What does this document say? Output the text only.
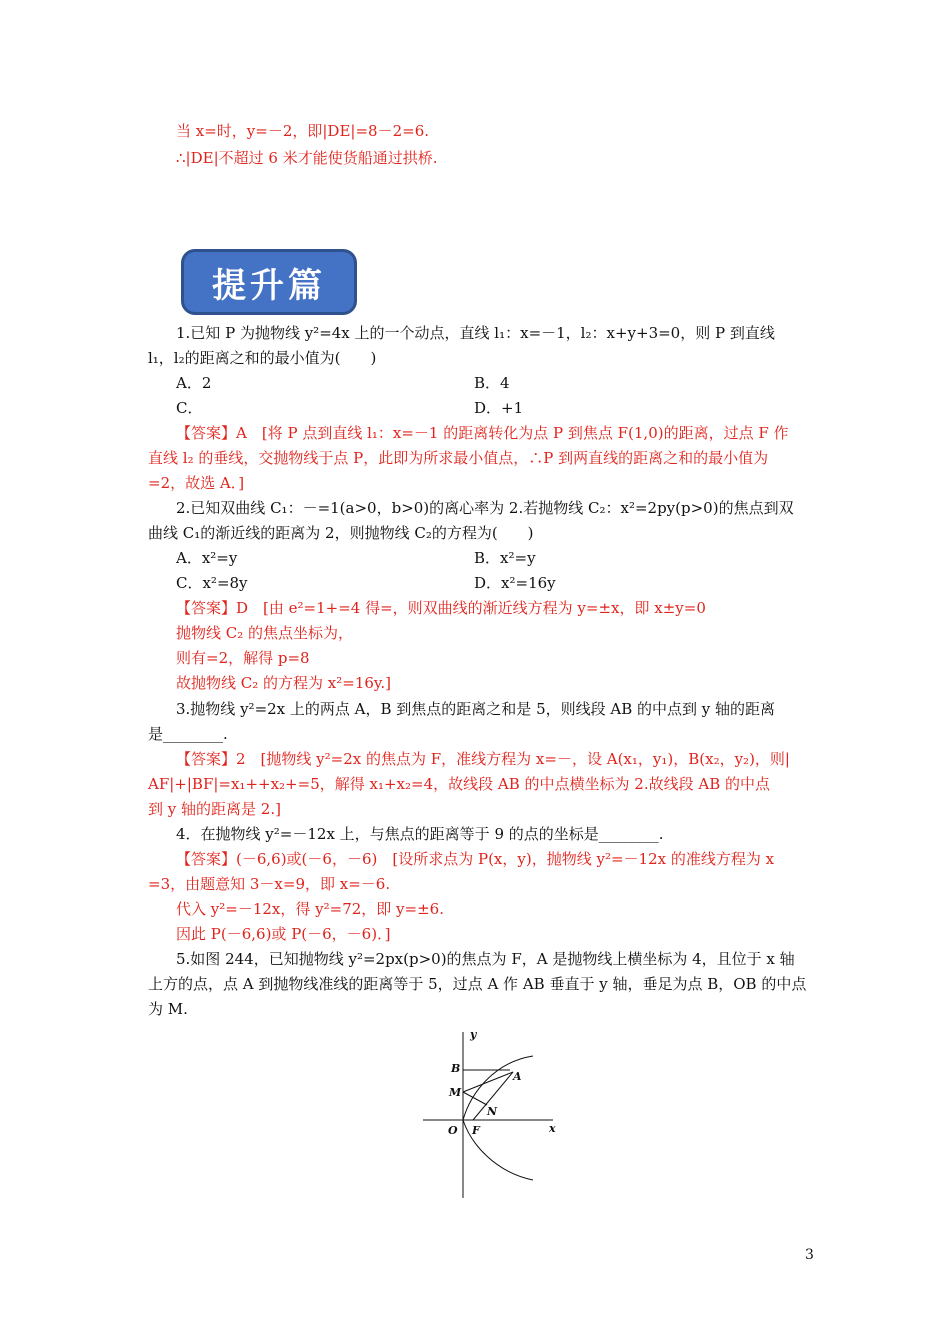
当 x=时，y=－2，即|DE|=8－2=6.
∴|DE|不超过 6 米才能使货船通过拱桥.
提升篇
1.已知 P 为抛物线 y²=4x 上的一个动点，直线 l₁：x=－1，l₂：x+y+3=0，则 P 到直线
l₁，l₂的距离之和的最小值为(　　)
A．2	B．4
C．	D．+1
【答案】A　[将 P 点到直线 l₁：x=－1 的距离转化为点 P 到焦点 F(1,0)的距离，过点 F 作
直线 l₂ 的垂线，交抛物线于点 P，此即为所求最小值点，∴P 到两直线的距离之和的最小值为
=2，故选 A．]
2.已知双曲线 C₁：－=1(a>0，b>0)的离心率为 2.若抛物线 C₂：x²=2py(p>0)的焦点到双
曲线 C₁的渐近线的距离为 2，则抛物线 C₂的方程为(　　)
A．x²=y	B．x²=y
C．x²=8y	D．x²=16y
【答案】D　[由 e²=1+=4 得=，则双曲线的渐近线方程为 y=±x，即 x±y=0
抛物线 C₂ 的焦点坐标为，
则有=2，解得 p=8
故抛物线 C₂ 的方程为 x²=16y.]
3.抛物线 y²=2x 上的两点 A，B 到焦点的距离之和是 5，则线段 AB 的中点到 y 轴的距离
是________.
【答案】2　[抛物线 y²=2x 的焦点为 F，准线方程为 x=－，设 A(x₁，y₁)，B(x₂，y₂)，则|
AF|+|BF|=x₁++x₂+=5，解得 x₁+x₂=4，故线段 AB 的中点横坐标为 2.故线段 AB 的中点
到 y 轴的距离是 2.]
4．在抛物线 y²=－12x 上，与焦点的距离等于 9 的点的坐标是________.
【答案】(－6,6)或(－6，－6)　[设所求点为 P(x，y)，抛物线 y²=－12x 的准线方程为 x
=3，由题意知 3－x=9，即 x=－6.
代入 y²=－12x，得 y²=72，即 y=±6.
因此 P(－6,6)或 P(－6，－6)．]
5.如图 244，已知抛物线 y²=2px(p>0)的焦点为 F，A 是抛物线上横坐标为 4，且位于 x 轴
上方的点，点 A 到抛物线准线的距离等于 5，过点 A 作 AB 垂直于 y 轴，垂足为点 B，OB 的中点
为 M.
y
x
O F
B
M
A
N
3
